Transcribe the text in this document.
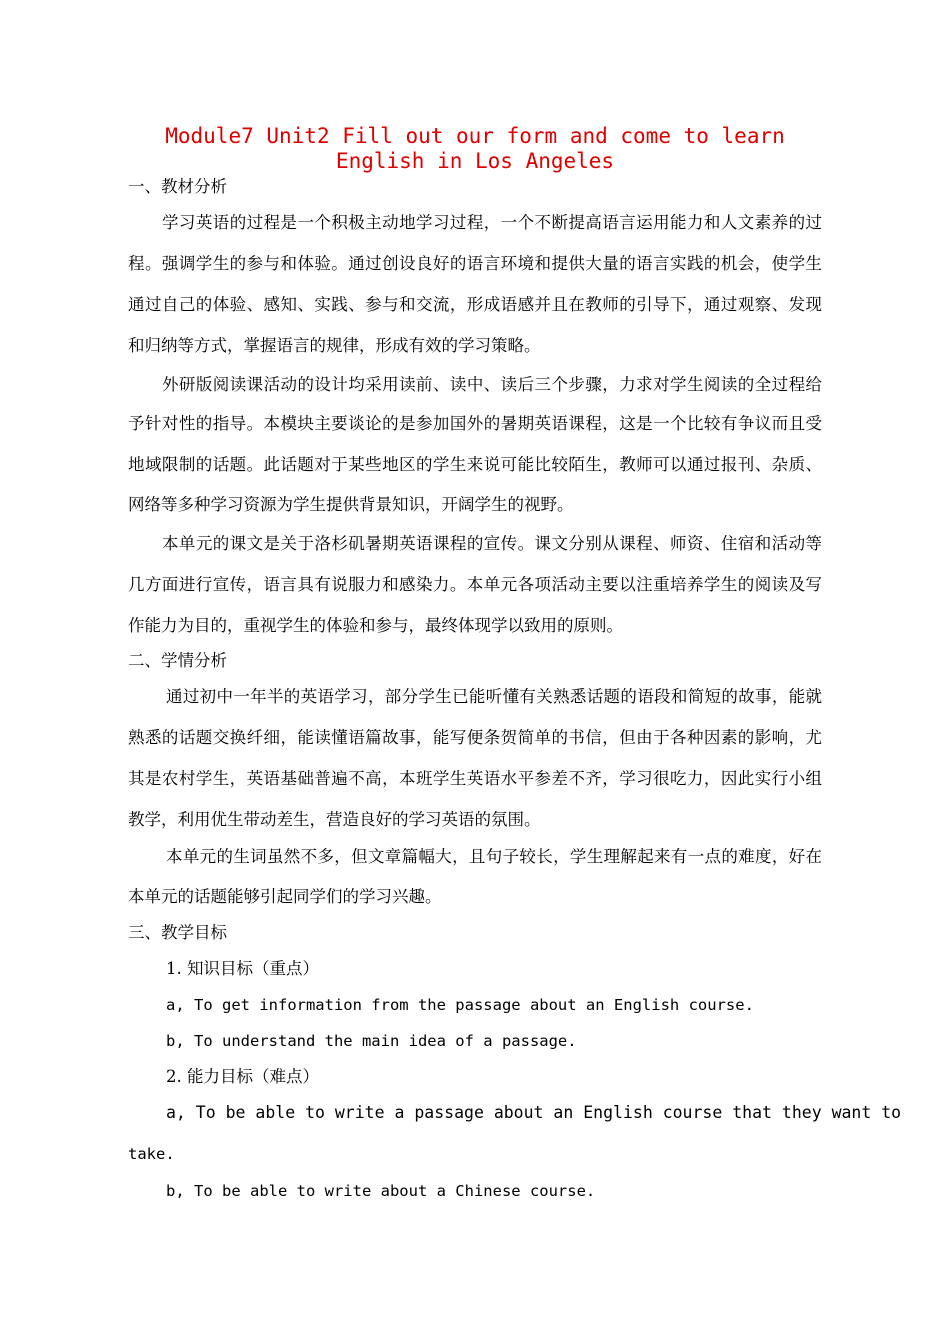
Module7 Unit2 Fill out our form and come to learn English in Los Angeles
一、教材分析
学习英语的过程是一个积极主动地学习过程，一个不断提高语言运用能力和人文素养的过
程。强调学生的参与和体验。通过创设良好的语言环境和提供大量的语言实践的机会，使学生
通过自己的体验、感知、实践、参与和交流，形成语感并且在教师的引导下，通过观察、发现
和归纳等方式，掌握语言的规律，形成有效的学习策略。
外研版阅读课活动的设计均采用读前、读中、读后三个步骤，力求对学生阅读的全过程给
予针对性的指导。本模块主要谈论的是参加国外的暑期英语课程，这是一个比较有争议而且受
地域限制的话题。此话题对于某些地区的学生来说可能比较陌生，教师可以通过报刊、杂质、
网络等多种学习资源为学生提供背景知识，开阔学生的视野。
本单元的课文是关于洛杉矶暑期英语课程的宣传。课文分别从课程、师资、住宿和活动等
几方面进行宣传，语言具有说服力和感染力。本单元各项活动主要以注重培养学生的阅读及写
作能力为目的，重视学生的体验和参与，最终体现学以致用的原则。
二、学情分析
通过初中一年半的英语学习，部分学生已能听懂有关熟悉话题的语段和简短的故事，能就
熟悉的话题交换纤细，能读懂语篇故事，能写便条贺简单的书信，但由于各种因素的影响，尤
其是农村学生，英语基础普遍不高，本班学生英语水平参差不齐，学习很吃力，因此实行小组
教学，利用优生带动差生，营造良好的学习英语的氛围。
本单元的生词虽然不多，但文章篇幅大，且句子较长，学生理解起来有一点的难度，好在
本单元的话题能够引起同学们的学习兴趣。
三、教学目标
1. 知识目标（重点）
a, To get information from the passage about an English course.
b, To understand the main idea of a passage.
2. 能力目标（难点）
a, To be able to write a passage about an English course that they want to
take.
b, To be able to write about a Chinese course.
